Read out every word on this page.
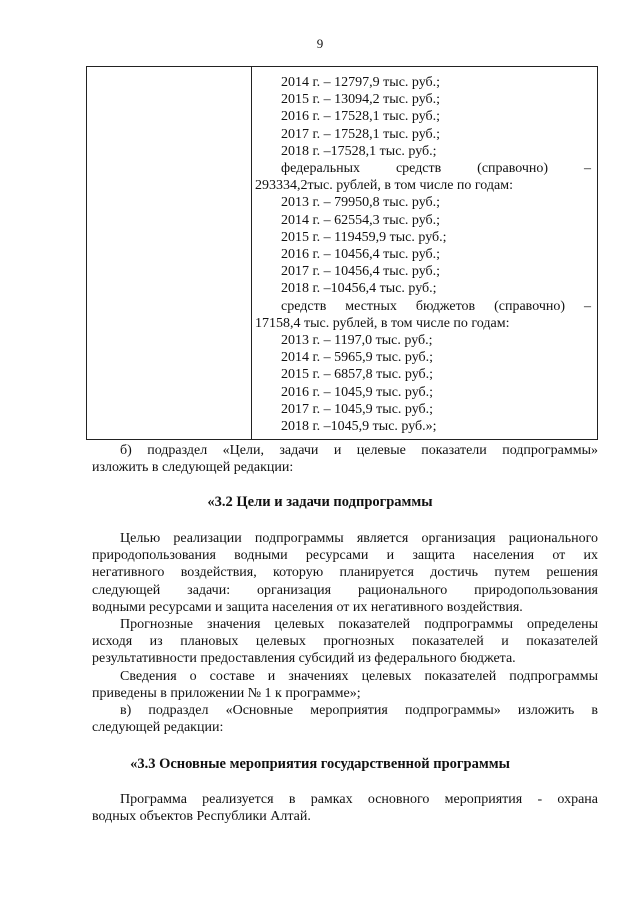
9
2014 г. – 12797,9 тыс. руб.;
2015 г. – 13094,2 тыс. руб.;
2016 г. – 17528,1 тыс. руб.;
2017 г. – 17528,1 тыс. руб.;
2018 г. –17528,1 тыс. руб.;
федеральных средств (справочно) –
293334,2тыс. рублей, в том числе по годам:
2013 г. – 79950,8 тыс. руб.;
2014 г. – 62554,3 тыс. руб.;
2015 г. – 119459,9 тыс. руб.;
2016 г. – 10456,4 тыс. руб.;
2017 г. – 10456,4 тыс. руб.;
2018 г. –10456,4 тыс. руб.;
средств местных бюджетов (справочно) –
17158,4 тыс. рублей, в том числе по годам:
2013 г. – 1197,0 тыс. руб.;
2014 г. – 5965,9 тыс. руб.;
2015 г. – 6857,8 тыс. руб.;
2016 г. – 1045,9 тыс. руб.;
2017 г. – 1045,9 тыс. руб.;
2018 г. –1045,9 тыс. руб.»;
б) подраздел «Цели, задачи и целевые показатели подпрограммы»
изложить в следующей редакции:
«3.2 Цели и задачи подпрограммы
Целью реализации подпрограммы является организация рационального
природопользования водными ресурсами и защита населения от их
негативного воздействия, которую планируется достичь путем решения
следующей задачи: организация рационального природопользования
водными ресурсами и защита населения от их негативного воздействия.
Прогнозные значения целевых показателей подпрограммы определены
исходя из плановых целевых прогнозных показателей и показателей
результативности предоставления субсидий из федерального бюджета.
Сведения о составе и значениях целевых показателей подпрограммы
приведены в приложении № 1 к программе»;
в) подраздел «Основные мероприятия подпрограммы» изложить в
следующей редакции:
«3.3 Основные мероприятия государственной программы
Программа реализуется в рамках основного мероприятия - охрана
водных объектов Республики Алтай.
